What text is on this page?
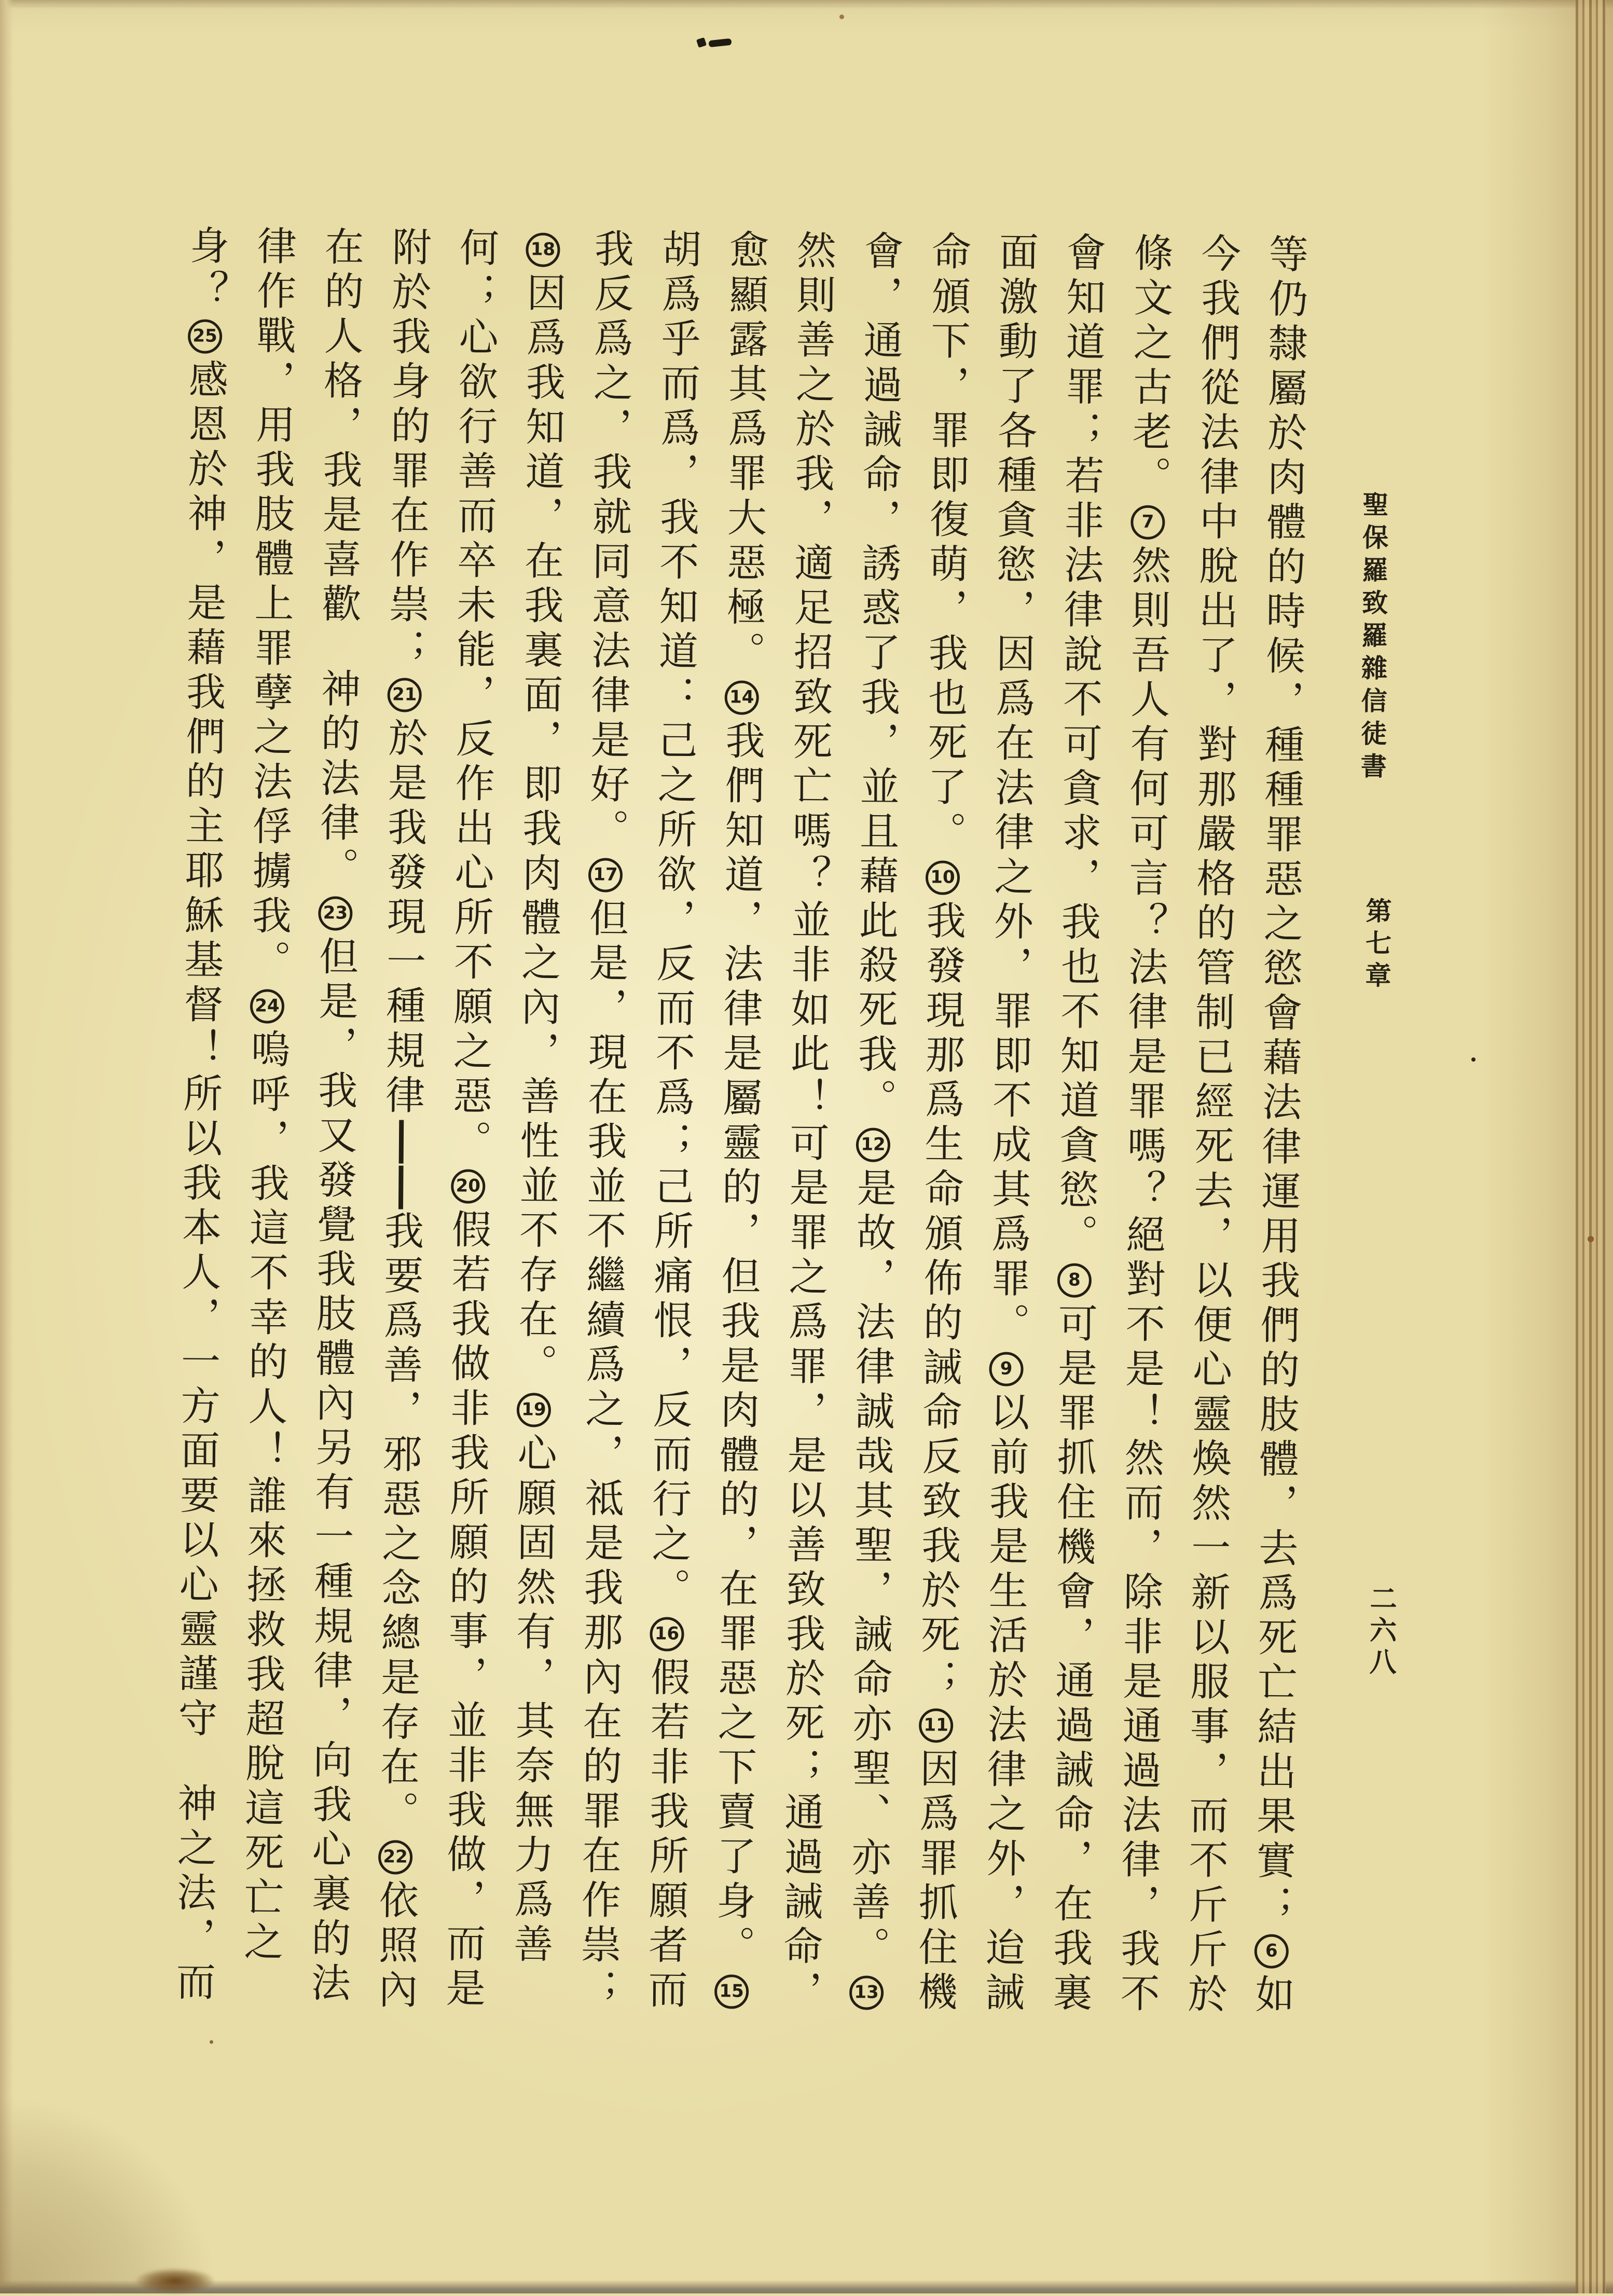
聖保羅致羅雜信徒書
第七章
二六八
等仍隸屬於肉體的時候，種種罪惡之慾會藉法律運用我們的肢體，去爲死亡結出果實；6如
今我們從法律中脫出了，對那嚴格的管制已經死去，以便心靈煥然一新以服事，而不斤斤於
條文之古老。7然則吾人有何可言？法律是罪嗎？絕對不是！然而，除非是通過法律，我不
會知道罪；若非法律說不可貪求，我也不知道貪慾。8可是罪抓住機會，通過誡命，在我裏
面激動了各種貪慾，因爲在法律之外，罪即不成其爲罪。9以前我是生活於法律之外，迨誡
命頒下，罪即復萌，我也死了。10我發現那爲生命頒佈的誡命反致我於死；11因爲罪抓住機
會，通過誡命，誘惑了我，並且藉此殺死我。12是故，法律誠哉其聖，誡命亦聖、亦善。13
然則善之於我，適足招致死亡嗎？並非如此！可是罪之爲罪，是以善致我於死；通過誡命，
愈顯露其爲罪大惡極。14我們知道，法律是屬靈的，但我是肉體的，在罪惡之下賣了身。15
胡爲乎而爲，我不知道：己之所欲，反而不爲；己所痛恨，反而行之。16假若非我所願者而
我反爲之，我就同意法律是好。17但是，現在我並不繼續爲之，祗是我那內在的罪在作祟；
18因爲我知道，在我裏面，即我肉體之內，善性並不存在。19心願固然有，其奈無力爲善
何；心欲行善而卒未能，反作出心所不願之惡。20假若我做非我所願的事，並非我做，而是
附於我身的罪在作祟；21於是我發現一種規律我要爲善，邪惡之念總是存在。22依照內
在的人格，我是喜歡神的法律。23但是，我又發覺我肢體內另有一種規律，向我心裏的法
律作戰，用我肢體上罪孽之法俘擄我。24嗚呼，我這不幸的人！誰來拯救我超脫這死亡之
身？25感恩於神，是藉我們的主耶穌基督！所以我本人，一方面要以心靈謹守神之法，而
